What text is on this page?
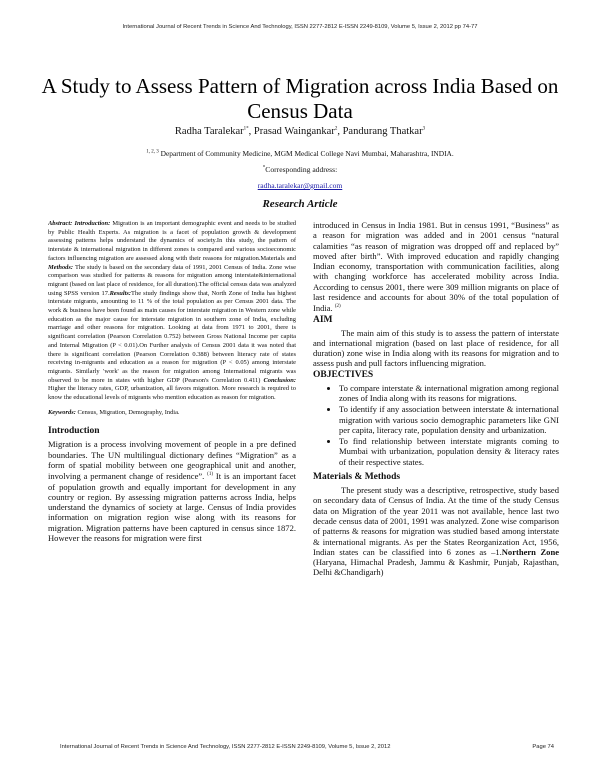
International Journal of Recent Trends in Science And Technology, ISSN 2277-2812 E-ISSN 2249-8109, Volume 5, Issue 2, 2012 pp 74-77
A Study to Assess Pattern of Migration across India Based on Census Data
Radha Taralekar$^{1*}$, Prasad Waingankar$^2$, Pandurang Thatkar$^3$
$^{1, 2, 3}$ Department of Community Medicine, MGM Medical College Navi Mumbai, Maharashtra, INDIA.
*Corresponding address:
radha.taralekar@gmail.com
Research Article

Abstract: Introduction: Migration is an important demographic event and needs to be studied by Public Health Experts. As migration is a facet of population growth & development assessing patterns helps understand the dynamics of society.In this study, the pattern of interstate & international migration in different zones is compared and various socioeconomic factors influencing migration are assessed along with their reasons for migration.Materials and Methods: The study is based on the secondary data of 1991, 2001 Census of India. Zone wise comparison was studied for patterns & reasons for migration among interstate&international migrant (based on last place of residence, for all duration).The official census data was analyzed using SPSS version 17.Results:The study findings show that, North Zone of India has highest interstate migrants, amounting to 11 % of the total population as per Census 2001 data. The work & business have been found as main causes for interstate migration in Western zone while education as the major cause for interstate migration in southern zone of India, excluding marriage and other reasons for migration. Looking at data from 1971 to 2001, there is significant correlation (Pearson Correlation 0.752) between Gross National Income per capita and Internal Migration (P < 0.01).On Further analysis of Census 2001 data it was noted that there is significant correlation (Pearson Correlation 0.388) between literacy rate of states receiving in-migrants and education as a reason for migration (P < 0.05) among interstate migrants. Similarly 'work' as the reason for migration among International migrants was observed to be more in states with higher GDP (Pearson's Correlation 0.411) Conclusion: Higher the literacy rates, GDP, urbanization, all favors migration. More research is required to know the educational levels of migrants who mention education as reason for migration.

Keywords: Census, Migration, Demography, India.

Introduction

Migration is a process involving movement of people in a pre defined boundaries. The UN multilingual dictionary defines “Migration” as a form of spatial mobility between one geographical unit and another, involving a permanent change of residence”. $^{(1)}$ It is an important facet of population growth and equally important for development in any country or region. By assessing migration patterns across India, helps understand the dynamics of society at large. Census of India provides information on migration region wise along with its reasons for migration. Migration patterns have been captured in census since 1872. However the reasons for migration were first

introduced in Census in India 1981. But in census 1991, “Business” as a reason for migration was added and in 2001 census “natural calamities “as reason of migration was dropped off and replaced by” moved after birth”. With improved education and rapidly changing Indian economy, transportation with communication facilities, along with changing workforce has accelerated mobility across India. According to census 2001, there were 309 million migrants on place of last residence and accounts for about 30% of the total population of India. $^{(2)}$

AIM

The main aim of this study is to assess the pattern of interstate and international migration (based on last place of residence, for all duration) zone wise in India along with its reasons for migration and to assess push and pull factors influencing migration.

OBJECTIVES
• To compare interstate & international migration among regional zones of India along with its reasons for migrations.
• To identify if any association between interstate & international migration with various socio demographic parameters like GNI per capita, literacy rate, population density and urbanization.
• To find relationship between interstate migrants coming to Mumbai with urbanization, population density & literacy rates of their respective states.
Materials & Methods

The present study was a descriptive, retrospective, study based on secondary data of Census of India. At the time of the study Census data on Migration of the year 2011 was not available, hence last two decade census data of 2001, 1991 was analyzed. Zone wise comparison of patterns & reasons for migration was studied based among interstate & international migrants. As per the States Reorganization Act, 1956, Indian states can be classified into 6 zones as –1.Northern Zone (Haryana, Himachal Pradesh, Jammu & Kashmir, Punjab, Rajasthan, Delhi &Chandigarh)

International Journal of Recent Trends in Science And Technology, ISSN 2277-2812 E-ISSN 2249-8109, Volume 5, Issue 2, 2012	Page 74
